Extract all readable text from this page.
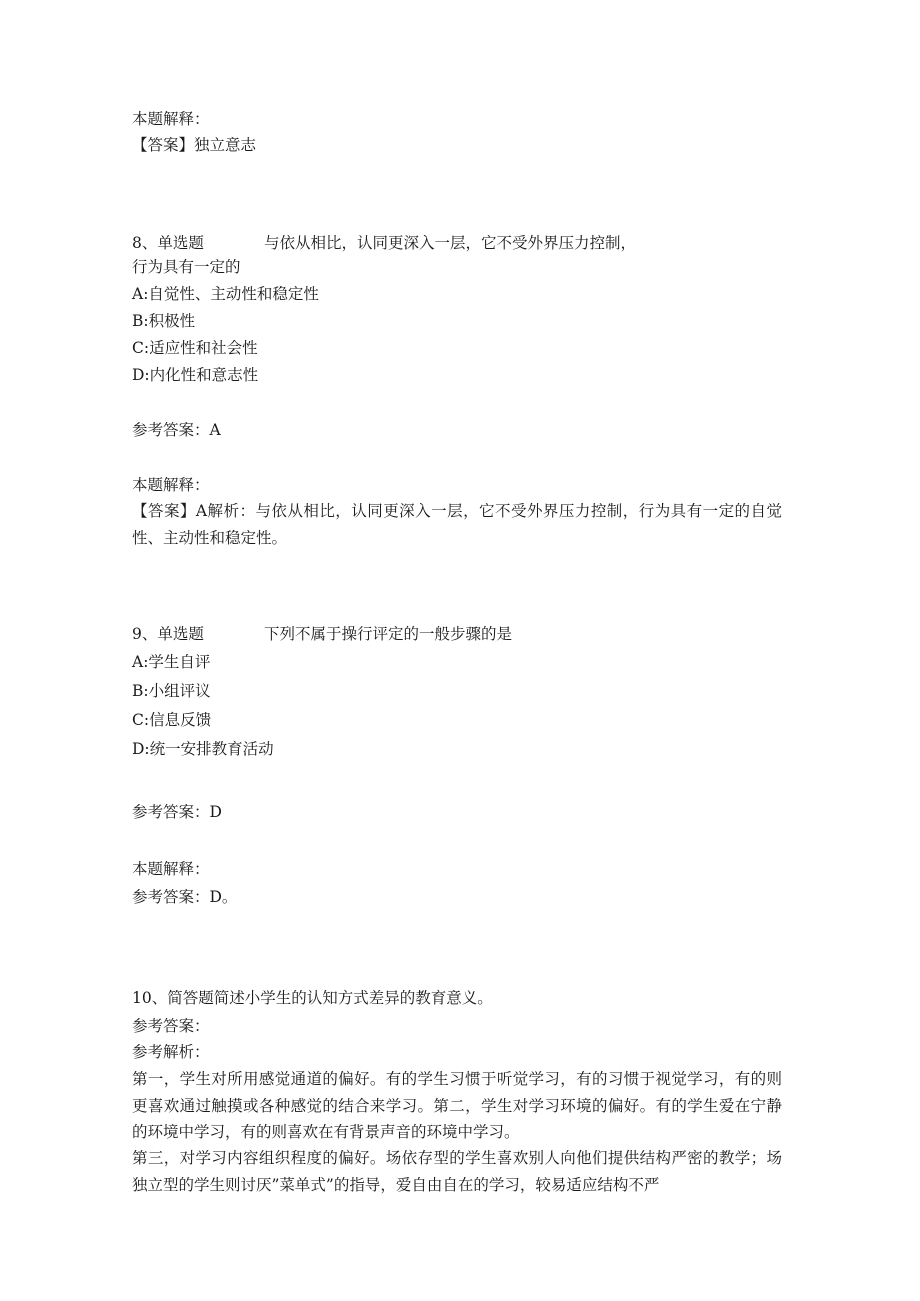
本题解释：
【答案】独立意志
8、单选题	与依从相比，认同更深入一层，它不受外界压力控制，
行为具有一定的
A:自觉性、主动性和稳定性
B:积极性
C:适应性和社会性
D:内化性和意志性
参考答案：A
本题解释：
【答案】A解析：与依从相比，认同更深入一层，它不受外界压力控制，行为具有一定的自觉性、主动性和稳定性。
9、单选题	下列不属于操行评定的一般步骤的是
A:学生自评
B:小组评议
C:信息反馈
D:统一安排教育活动
参考答案：D
本题解释：
参考答案：D。
10、简答题简述小学生的认知方式差异的教育意义。
参考答案：
参考解析：
第一，学生对所用感觉通道的偏好。有的学生习惯于听觉学习，有的习惯于视觉学习，有的则更喜欢通过触摸或各种感觉的结合来学习。第二，学生对学习环境的偏好。有的学生爱在宁静的环境中学习，有的则喜欢在有背景声音的环境中学习。
第三，对学习内容组织程度的偏好。场依存型的学生喜欢别人向他们提供结构严密的教学；场独立型的学生则讨厌”菜单式”的指导，爱自由自在的学习，较易适应结构不严
